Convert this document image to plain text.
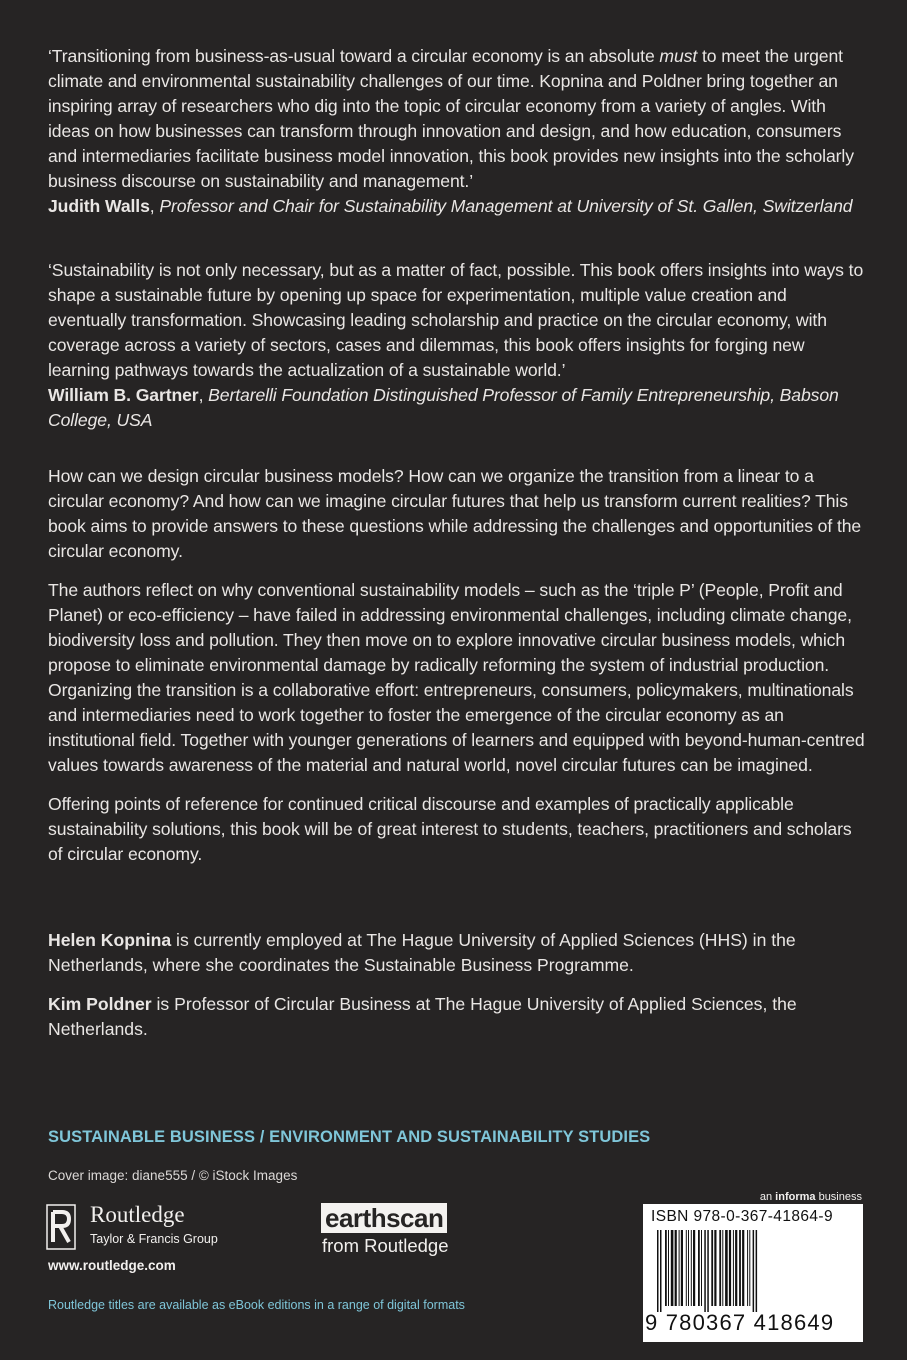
‘Transitioning from business-as-usual toward a circular economy is an absolute must to meet the urgent climate and environmental sustainability challenges of our time. Kopnina and Poldner bring together an inspiring array of researchers who dig into the topic of circular economy from a variety of angles. With ideas on how businesses can transform through innovation and design, and how education, consumers and intermediaries facilitate business model innovation, this book provides new insights into the scholarly business discourse on sustainability and management.’

Judith Walls, Professor and Chair for Sustainability Management at University of St. Gallen, Switzerland

‘Sustainability is not only necessary, but as a matter of fact, possible. This book offers insights into ways to shape a sustainable future by opening up space for experimentation, multiple value creation and eventually transformation. Showcasing leading scholarship and practice on the circular economy, with coverage across a variety of sectors, cases and dilemmas, this book offers insights for forging new learning pathways towards the actualization of a sustainable world.’

William B. Gartner, Bertarelli Foundation Distinguished Professor of Family Entrepreneurship, Babson College, USA

How can we design circular business models? How can we organize the transition from a linear to a circular economy? And how can we imagine circular futures that help us transform current realities? This book aims to provide answers to these questions while addressing the challenges and opportunities of the circular economy.

The authors reflect on why conventional sustainability models – such as the ‘triple P’ (People, Profit and Planet) or eco-efficiency – have failed in addressing environmental challenges, including climate change, biodiversity loss and pollution. They then move on to explore innovative circular business models, which propose to eliminate environmental damage by radically reforming the system of industrial production. Organizing the transition is a collaborative effort: entrepreneurs, consumers, policymakers, multinationals and intermediaries need to work together to foster the emergence of the circular economy as an institutional field. Together with younger generations of learners and equipped with beyond-human-centred values towards awareness of the material and natural world, novel circular futures can be imagined.

Offering points of reference for continued critical discourse and examples of practically applicable sustainability solutions, this book will be of great interest to students, teachers, practitioners and scholars of circular economy.

Helen Kopnina is currently employed at The Hague University of Applied Sciences (HHS) in the Netherlands, where she coordinates the Sustainable Business Programme.

Kim Poldner is Professor of Circular Business at The Hague University of Applied Sciences, the Netherlands.

SUSTAINABLE BUSINESS / ENVIRONMENT AND SUSTAINABILITY STUDIES
Cover image: diane555 / © iStock Images
Routledge
Taylor & Francis Group
www.routledge.com
earthscan
from Routledge
Routledge titles are available as eBook editions in a range of digital formats
an informa business
ISBN 978-0-367-41864-9
9 780367 418649
